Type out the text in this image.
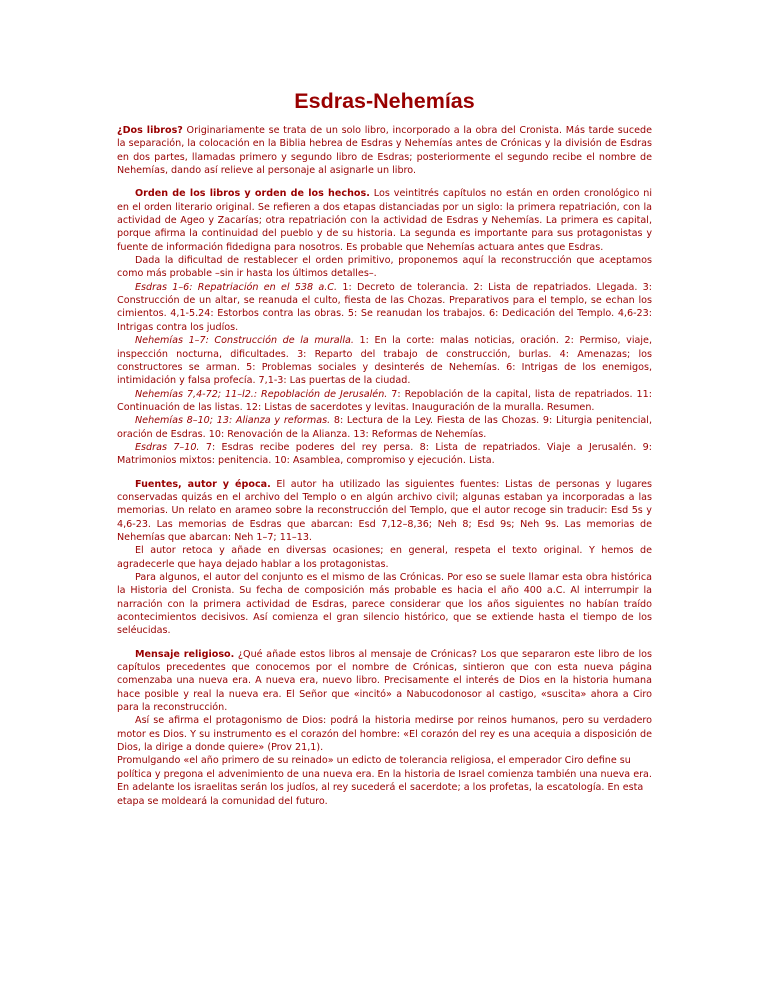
Esdras-Nehemías

¿Dos libros? Originariamente se trata de un solo libro, incorporado a la obra del Cronista. Más tarde sucede la separación, la colocación en la Biblia hebrea de Esdras y Nehemías antes de Crónicas y la división de Esdras en dos partes, llamadas primero y segundo libro de Esdras; posteriormente el segundo recibe el nombre de Nehemías, dando así relieve al personaje al asignarle un libro.

Orden de los libros y orden de los hechos. Los veintitrés capítulos no están en orden cronológico ni en el orden literario original. Se refieren a dos etapas distanciadas por un siglo: la primera repatriación, con la actividad de Ageo y Zacarías; otra repatriación con la actividad de Esdras y Nehemías. La primera es capital, porque afirma la continuidad del pueblo y de su historia. La segunda es importante para sus protagonistas y fuente de información fidedigna para nosotros. Es probable que Nehemías actuara antes que Esdras.

Dada la dificultad de restablecer el orden primitivo, proponemos aquí la reconstrucción que aceptamos como más probable –sin ir hasta los últimos detalles–.

Esdras 1–6: Repatriación en el 538 a.C. 1: Decreto de tolerancia. 2: Lista de repatriados. Llegada. 3: Construcción de un altar, se reanuda el culto, fiesta de las Chozas. Preparativos para el templo, se echan los cimientos. 4,1-5.24: Estorbos contra las obras. 5: Se reanudan los trabajos. 6: Dedicación del Templo. 4,6-23: Intrigas contra los judíos.

Nehemías 1–7: Construcción de la muralla. 1: En la corte: malas noticias, oración. 2: Permiso, viaje, inspección nocturna, dificultades. 3: Reparto del trabajo de construcción, burlas. 4: Amenazas; los constructores se arman. 5: Problemas sociales y desinterés de Nehemías. 6: Intrigas de los enemigos, intimidación y falsa profecía. 7,1-3: Las puertas de la ciudad.

Nehemías 7,4-72; 11–l2.: Repoblación de Jerusalén. 7: Repoblación de la capital, lista de repatriados. 11: Continuación de las listas. 12: Listas de sacerdotes y levitas. Inauguración de la muralla. Resumen.

Nehemías 8–10; 13: Alianza y reformas. 8: Lectura de la Ley. Fiesta de las Chozas. 9: Liturgia penitencial, oración de Esdras. 10: Renovación de la Alianza. 13: Reformas de Nehemías.

Esdras 7–10. 7: Esdras recibe poderes del rey persa. 8: Lista de repatriados. Viaje a Jerusalén. 9: Matrimonios mixtos: penitencia. 10: Asamblea, compromiso y ejecución. Lista.

Fuentes, autor y época. El autor ha utilizado las siguientes fuentes: Listas de personas y lugares conservadas quizás en el archivo del Templo o en algún archivo civil; algunas estaban ya incorporadas a las memorias. Un relato en arameo sobre la reconstrucción del Templo, que el autor recoge sin traducir: Esd 5s y 4,6-23. Las memorias de Esdras que abarcan: Esd 7,12–8,36; Neh 8; Esd 9s; Neh 9s. Las memorias de Nehemías que abarcan: Neh 1–7; 11–13.

El autor retoca y añade en diversas ocasiones; en general, respeta el texto original. Y hemos de agradecerle que haya dejado hablar a los protagonistas.

Para algunos, el autor del conjunto es el mismo de las Crónicas. Por eso se suele llamar esta obra histórica la Historia del Cronista. Su fecha de composición más probable es hacia el año 400 a.C. Al interrumpir la narración con la primera actividad de Esdras, parece considerar que los años siguientes no habían traído acontecimientos decisivos. Así comienza el gran silencio histórico, que se extiende hasta el tiempo de los seléucidas.

Mensaje religioso. ¿Qué añade estos libros al mensaje de Crónicas? Los que separaron este libro de los capítulos precedentes que conocemos por el nombre de Crónicas, sintieron que con esta nueva página comenzaba una nueva era. A nueva era, nuevo libro. Precisamente el interés de Dios en la historia humana hace posible y real la nueva era. El Señor que «incitó» a Nabucodonosor al castigo, «suscita» ahora a Ciro para la reconstrucción.

Así se afirma el protagonismo de Dios: podrá la historia medirse por reinos humanos, pero su verdadero motor es Dios. Y su instrumento es el corazón del hombre: «El corazón del rey es una acequia a disposición de Dios, la dirige a donde quiere» (Prov 21,1).

Promulgando «el año primero de su reinado» un edicto de tolerancia religiosa, el emperador Ciro define su política y pregona el advenimiento de una nueva era. En la historia de Israel comienza también una nueva era. En adelante los israelitas serán los judíos, al rey sucederá el sacerdote; a los profetas, la escatología. En esta etapa se moldeará la comunidad del futuro.
